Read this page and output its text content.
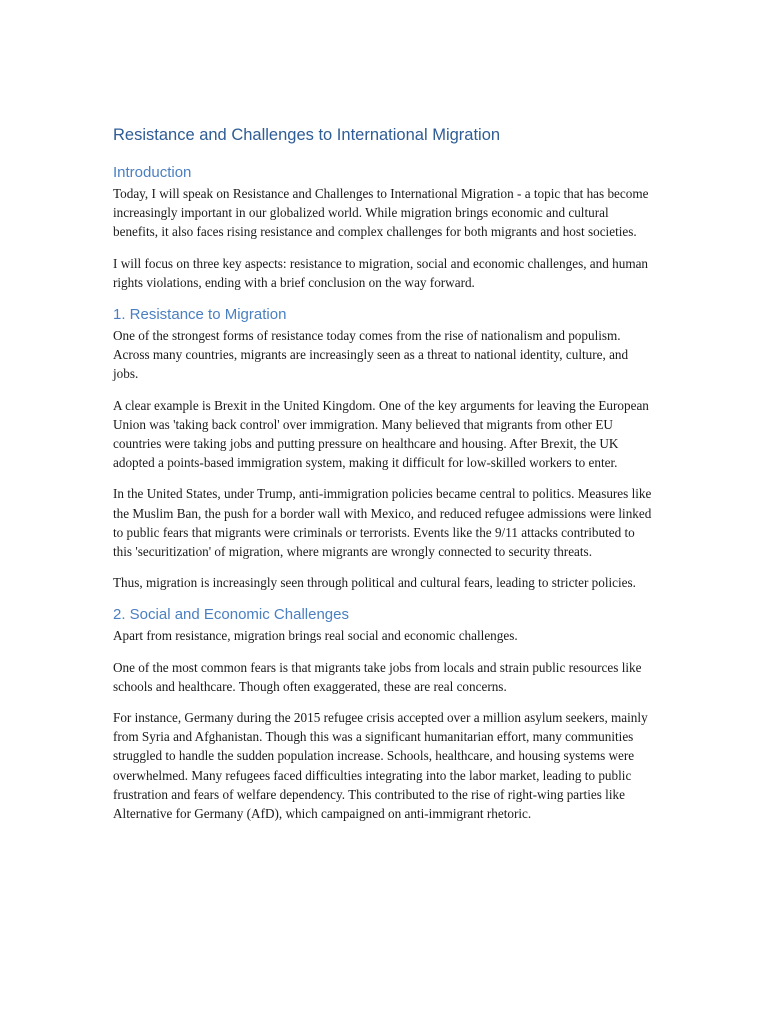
Resistance and Challenges to International Migration
Introduction

Today, I will speak on Resistance and Challenges to International Migration - a topic that has become increasingly important in our globalized world. While migration brings economic and cultural benefits, it also faces rising resistance and complex challenges for both migrants and host societies.

I will focus on three key aspects: resistance to migration, social and economic challenges, and human rights violations, ending with a brief conclusion on the way forward.

1. Resistance to Migration

One of the strongest forms of resistance today comes from the rise of nationalism and populism. Across many countries, migrants are increasingly seen as a threat to national identity, culture, and jobs.

A clear example is Brexit in the United Kingdom. One of the key arguments for leaving the European Union was 'taking back control' over immigration. Many believed that migrants from other EU countries were taking jobs and putting pressure on healthcare and housing. After Brexit, the UK adopted a points-based immigration system, making it difficult for low-skilled workers to enter.

In the United States, under Trump, anti-immigration policies became central to politics. Measures like the Muslim Ban, the push for a border wall with Mexico, and reduced refugee admissions were linked to public fears that migrants were criminals or terrorists. Events like the 9/11 attacks contributed to this 'securitization' of migration, where migrants are wrongly connected to security threats.

Thus, migration is increasingly seen through political and cultural fears, leading to stricter policies.

2. Social and Economic Challenges

Apart from resistance, migration brings real social and economic challenges.

One of the most common fears is that migrants take jobs from locals and strain public resources like schools and healthcare. Though often exaggerated, these are real concerns.

For instance, Germany during the 2015 refugee crisis accepted over a million asylum seekers, mainly from Syria and Afghanistan. Though this was a significant humanitarian effort, many communities struggled to handle the sudden population increase. Schools, healthcare, and housing systems were overwhelmed. Many refugees faced difficulties integrating into the labor market, leading to public frustration and fears of welfare dependency. This contributed to the rise of right-wing parties like Alternative for Germany (AfD), which campaigned on anti-immigrant rhetoric.
